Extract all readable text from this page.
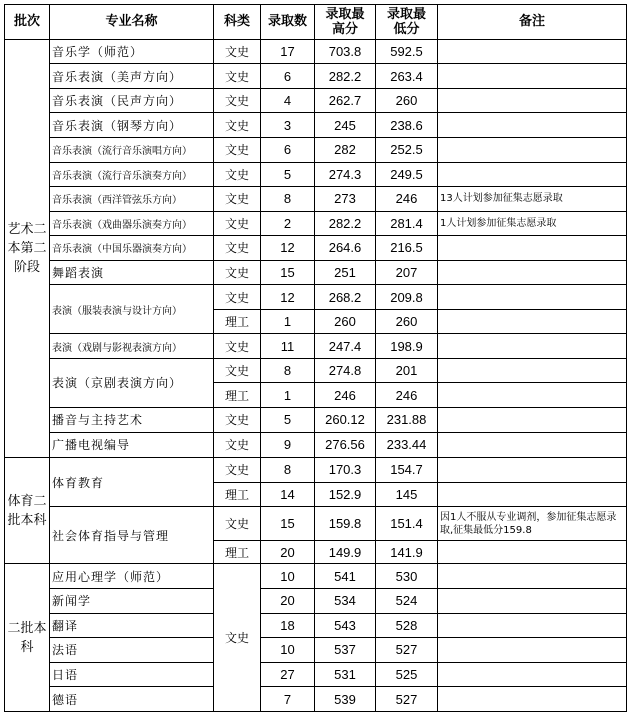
批次	专业名称	科类	录取数	录取最高分	录取最低分	备注
艺术二本第二阶段	音乐学（师范）	文史	17	703.8	592.5	
	音乐表演（美声方向）	文史	6	282.2	263.4	
	音乐表演（民声方向）	文史	4	262.7	260	
	音乐表演（钢琴方向）	文史	3	245	238.6	
	音乐表演（流行音乐演唱方向）	文史	6	282	252.5	
	音乐表演（流行音乐演奏方向）	文史	5	274.3	249.5	
	音乐表演（西洋管弦乐方向）	文史	8	273	246	13人计划参加征集志愿录取
	音乐表演（戏曲器乐演奏方向）	文史	2	282.2	281.4	1人计划参加征集志愿录取
	音乐表演（中国乐器演奏方向）	文史	12	264.6	216.5	
	舞蹈表演	文史	15	251	207	
	表演（服装表演与设计方向）	文史	12	268.2	209.8	
		理工	1	260	260	
	表演（戏剧与影视表演方向）	文史	11	247.4	198.9	
	表演（京剧表演方向）	文史	8	274.8	201	
		理工	1	246	246	
	播音与主持艺术	文史	5	260.12	231.88	
	广播电视编导	文史	9	276.56	233.44	
体育二批本科	体育教育	文史	8	170.3	154.7	
		理工	14	152.9	145	
	社会体育指导与管理	文史	15	159.8	151.4	因1人不服从专业调剂，参加征集志愿录取,征集最低分159.8
		理工	20	149.9	141.9	
二批本科	应用心理学（师范）	文史	10	541	530	
	新闻学		20	534	524	
	翻译		18	543	528	
	法语		10	537	527	
	日语		27	531	525	
	德语		7	539	527	
